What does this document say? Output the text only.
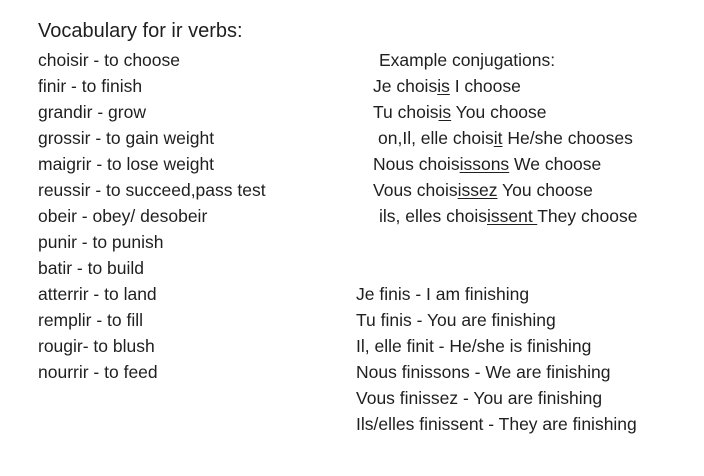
Vocabulary for ir verbs:
choisir - to choose
finir - to finish
grandir - grow
grossir - to gain weight
maigrir - to lose weight
reussir - to succeed,pass test
obeir - obey/ desobeir
punir - to punish
batir - to build
atterrir - to land
remplir - to fill
rougir- to blush
nourrir - to feed
Example conjugations:
Je choisis I choose
Tu choisis You choose
on,Il, elle choisit He/she chooses
Nous choisissons We choose
Vous choisissez You choose
ils, elles choisissent They choose
Je finis - I am finishing
Tu finis - You are finishing
Il, elle finit - He/she is finishing
Nous finissons - We are finishing
Vous finissez - You are finishing
Ils/elles finissent - They are finishing
